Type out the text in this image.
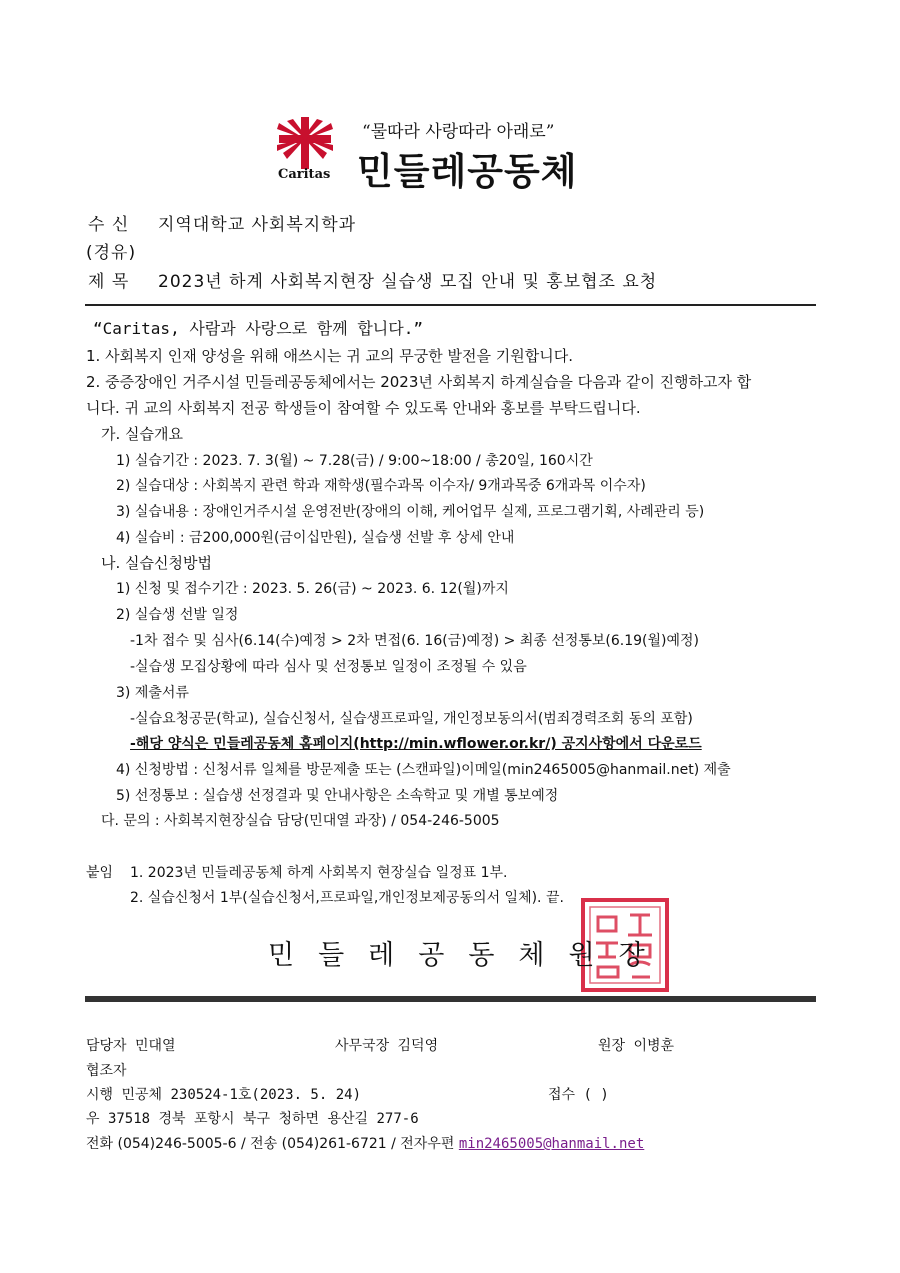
Caritas
“물따라 사랑따라 아래로”
민들레공동체
수 신 지역대학교 사회복지학과
(경유)
제 목 2023년 하계 사회복지현장 실습생 모집 안내 및 홍보협조 요청
“Caritas, 사람과 사랑으로 함께 합니다.”
1. 사회복지 인재 양성을 위해 애쓰시는 귀 교의 무궁한 발전을 기원합니다.
2. 중증장애인 거주시설 민들레공동체에서는 2023년 사회복지 하계실습을 다음과 같이 진행하고자 합
니다. 귀 교의 사회복지 전공 학생들이 참여할 수 있도록 안내와 홍보를 부탁드립니다.
가. 실습개요
1) 실습기간 : 2023. 7. 3(월) ~ 7.28(금) / 9:00~18:00 / 총20일, 160시간
2) 실습대상 : 사회복지 관련 학과 재학생(필수과목 이수자/ 9개과목중 6개과목 이수자)
3) 실습내용 : 장애인거주시설 운영전반(장애의 이해, 케어업무 실제, 프로그램기획, 사례관리 등)
4) 실습비 : 금200,000원(금이십만원), 실습생 선발 후 상세 안내
나. 실습신청방법
1) 신청 및 접수기간 : 2023. 5. 26(금) ~ 2023. 6. 12(월)까지
2) 실습생 선발 일정
-1차 접수 및 심사(6.14(수)예정 > 2차 면접(6. 16(금)예정) > 최종 선정통보(6.19(월)예정)
-실습생 모집상황에 따라 심사 및 선정통보 일정이 조정될 수 있음
3) 제출서류
-실습요청공문(학교), 실습신청서, 실습생프로파일, 개인정보동의서(범죄경력조회 동의 포함)
-해당 양식은 민들레공동체 홈페이지(http://min.wflower.or.kr/) 공지사항에서 다운로드
4) 신청방법 : 신청서류 일체를 방문제출 또는 (스캔파일)이메일(min2465005@hanmail.net) 제출
5) 선정통보 : 실습생 선정결과 및 안내사항은 소속학교 및 개별 통보예정
다. 문의 : 사회복지현장실습 담당(민대열 과장) / 054-246-5005
붙임 1. 2023년 민들레공동체 하계 사회복지 현장실습 일정표 1부.
2. 실습신청서 1부(실습신청서,프로파일,개인정보제공동의서 일체). 끝.
민들레공동체원장
담당자 민대열	사무국장 김덕영	원장 이병훈
협조자
시행 민공체 230524-1호(2023. 5. 24)	접수 ( )
우 37518 경북 포항시 북구 청하면 용산길 277-6
전화 (054)246-5005-6 / 전송 (054)261-6721 / 전자우편 min2465005@hanmail.net
